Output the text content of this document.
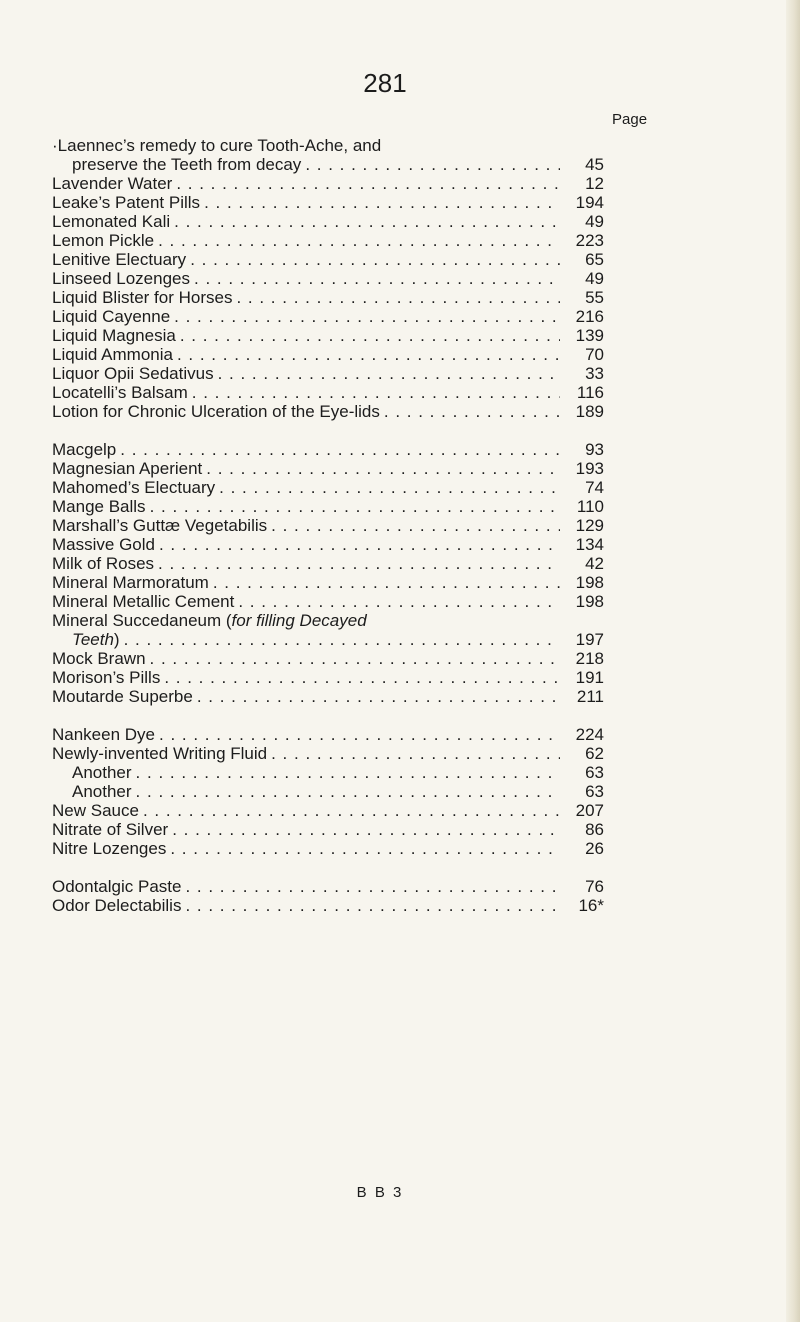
281
Page
·Laennec’s remedy to cure Tooth-Ache, and
preserve the Teeth from decay . . .	45
Lavender Water . . .	12
Leake’s Patent Pills . . .	194
Lemonated Kali . . .	49
Lemon Pickle . . .	223
Lenitive Electuary . . .	65
Linseed Lozenges . . .	49
Liquid Blister for Horses . . .	55
Liquid Cayenne . . .	216
Liquid Magnesia . . .	139
Liquid Ammonia . . .	70
Liquor Opii Sedativus . . .	33
Locatelli’s Balsam . . .	116
Lotion for Chronic Ulceration of the Eye-lids . . .	189
Macgelp . . .	93
Magnesian Aperient . . .	193
Mahomed’s Electuary . . .	74
Mange Balls . . .	110
Marshall’s Guttæ Vegetabilis . . .	129
Massive Gold . . .	134
Milk of Roses . . .	42
Mineral Marmoratum . . .	198
Mineral Metallic Cement . . .	198
Mineral Succedaneum (for filling Decayed
Teeth) . . .	197
Mock Brawn . . .	218
Morison’s Pills . . .	191
Moutarde Superbe . . .	211
Nankeen Dye . . .	224
Newly-invented Writing Fluid . . .	62
Another . . .	63
Another . . .	63
New Sauce . . .	207
Nitrate of Silver . . .	86
Nitre Lozenges . . .	26
Odontalgic Paste . . .	76
Odor Delectabilis . . .	16*
B B 3
